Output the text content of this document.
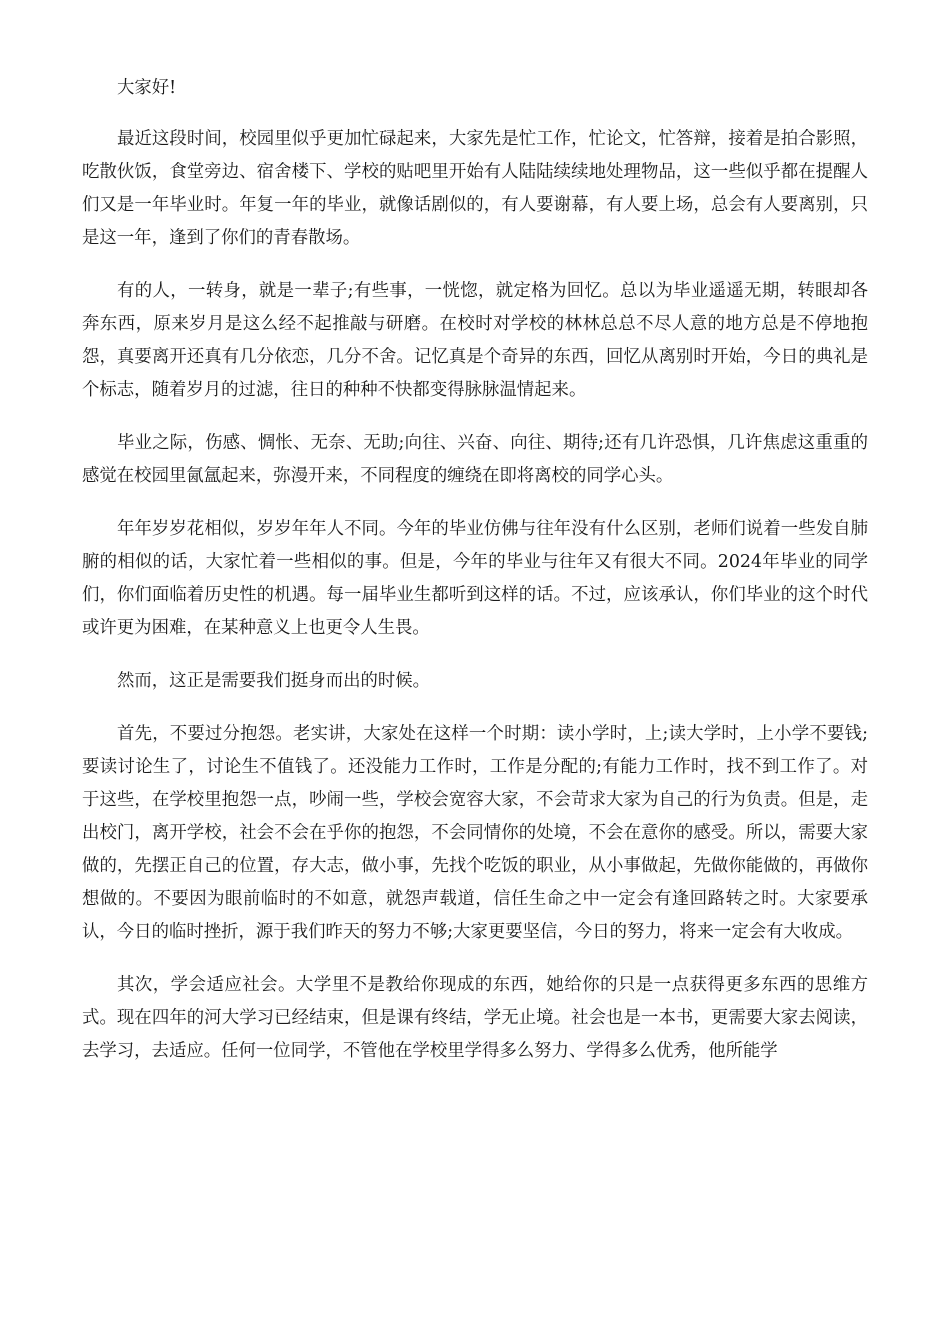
大家好!

最近这段时间，校园里似乎更加忙碌起来，大家先是忙工作，忙论文，忙答辩，接着是拍合影照，吃散伙饭，食堂旁边、宿舍楼下、学校的贴吧里开始有人陆陆续续地处理物品，这一些似乎都在提醒人们又是一年毕业时。年复一年的毕业，就像话剧似的，有人要谢幕，有人要上场，总会有人要离别，只是这一年，逢到了你们的青春散场。

有的人，一转身，就是一辈子;有些事，一恍惚，就定格为回忆。总以为毕业遥遥无期，转眼却各奔东西，原来岁月是这么经不起推敲与研磨。在校时对学校的林林总总不尽人意的地方总是不停地抱怨，真要离开还真有几分依恋，几分不舍。记忆真是个奇异的东西，回忆从离别时开始，今日的典礼是个标志，随着岁月的过滤，往日的种种不快都变得脉脉温情起来。

毕业之际，伤感、惆怅、无奈、无助;向往、兴奋、向往、期待;还有几许恐惧，几许焦虑这重重的感觉在校园里氤氲起来，弥漫开来，不同程度的缠绕在即将离校的同学心头。

年年岁岁花相似，岁岁年年人不同。今年的毕业仿佛与往年没有什么区别，老师们说着一些发自肺腑的相似的话，大家忙着一些相似的事。但是，今年的毕业与往年又有很大不同。2024年毕业的同学们，你们面临着历史性的机遇。每一届毕业生都听到这样的话。不过，应该承认，你们毕业的这个时代或许更为困难，在某种意义上也更令人生畏。

然而，这正是需要我们挺身而出的时候。

首先，不要过分抱怨。老实讲，大家处在这样一个时期：读小学时，上;读大学时，上小学不要钱;要读讨论生了，讨论生不值钱了。还没能力工作时，工作是分配的;有能力工作时，找不到工作了。对于这些，在学校里抱怨一点，吵闹一些，学校会宽容大家，不会苛求大家为自己的行为负责。但是，走出校门，离开学校，社会不会在乎你的抱怨，不会同情你的处境，不会在意你的感受。所以，需要大家做的，先摆正自己的位置，存大志，做小事，先找个吃饭的职业，从小事做起，先做你能做的，再做你想做的。不要因为眼前临时的不如意，就怨声载道，信任生命之中一定会有逢回路转之时。大家要承认，今日的临时挫折，源于我们昨天的努力不够;大家更要坚信，今日的努力，将来一定会有大收成。

其次，学会适应社会。大学里不是教给你现成的东西，她给你的只是一点获得更多东西的思维方式。现在四年的河大学习已经结束，但是课有终结，学无止境。社会也是一本书，更需要大家去阅读，去学习，去适应。任何一位同学，不管他在学校里学得多么努力、学得多么优秀，他所能学
